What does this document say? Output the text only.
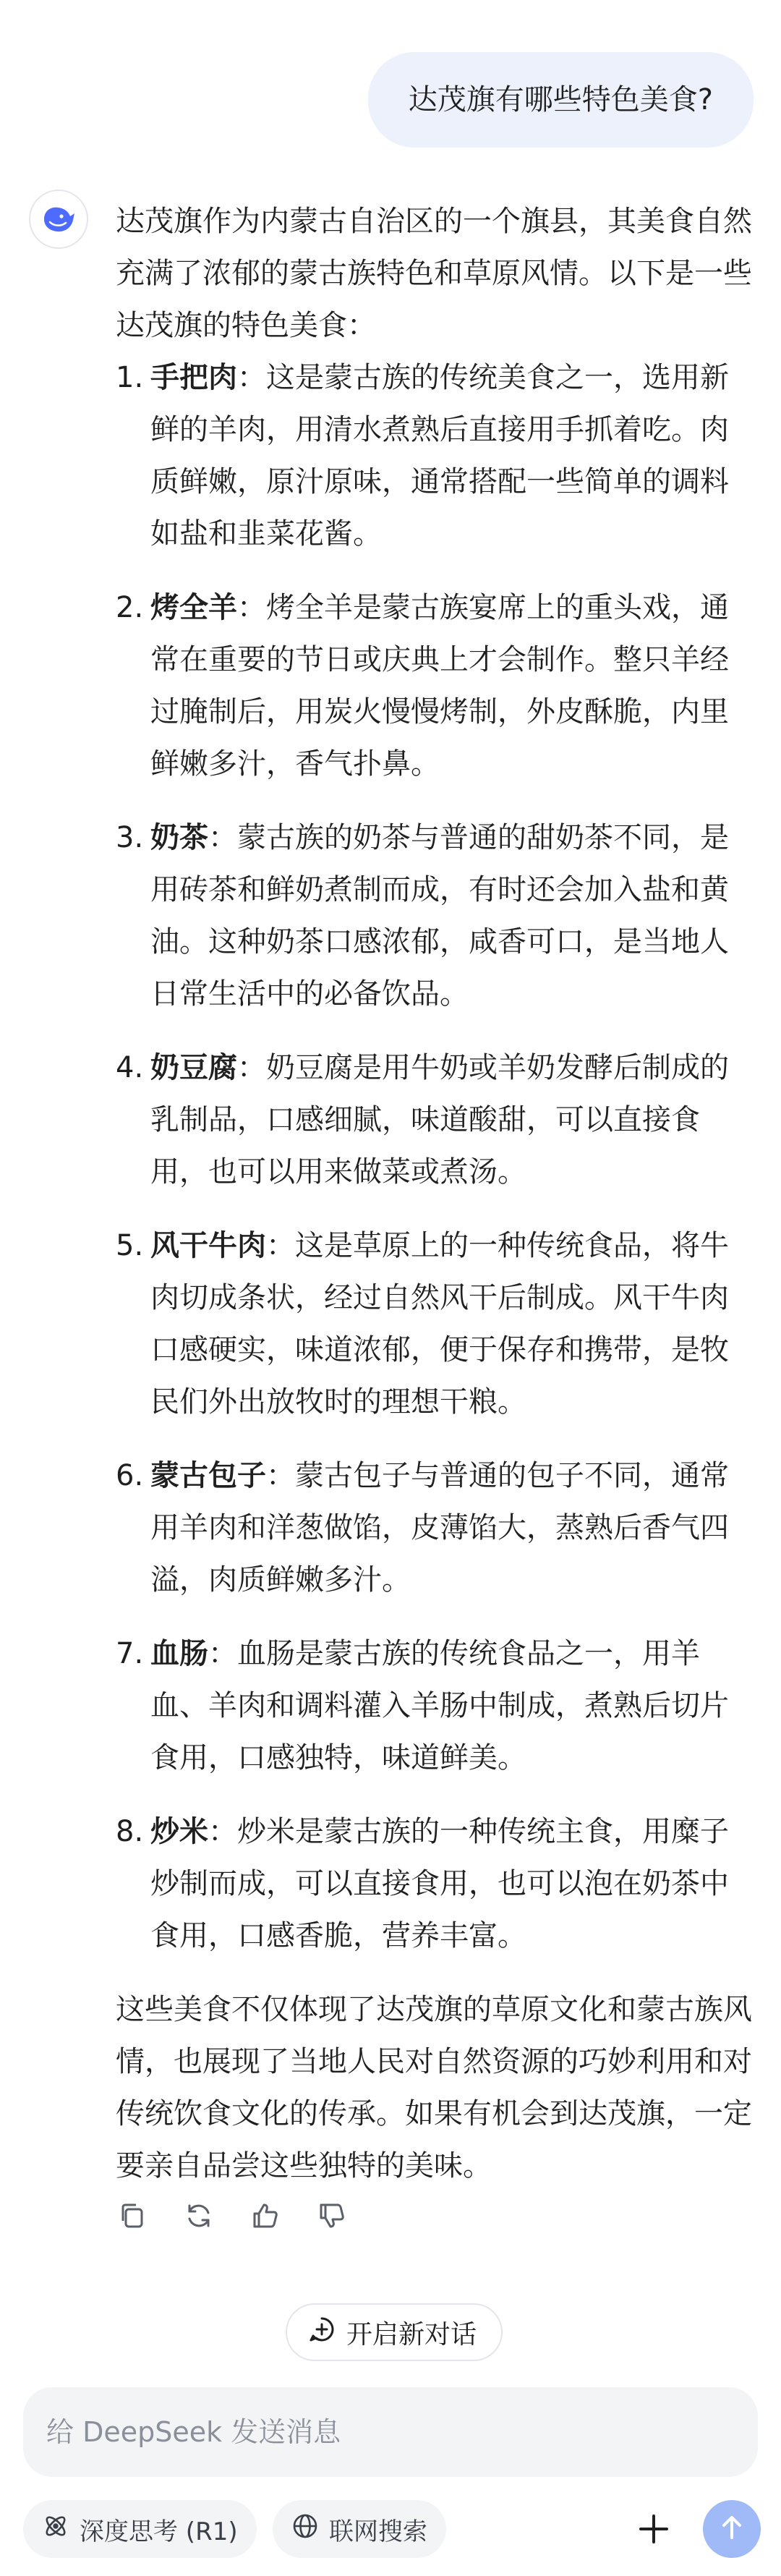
达茂旗有哪些特色美食?

达茂旗作为内蒙古自治区的一个旗县，其美食自然充满了浓郁的蒙古族特色和草原风情。以下是一些达茂旗的特色美食：

1. 手把肉：这是蒙古族的传统美食之一，选用新鲜的羊肉，用清水煮熟后直接用手抓着吃。肉质鲜嫩，原汁原味，通常搭配一些简单的调料如盐和韭菜花酱。
2. 烤全羊：烤全羊是蒙古族宴席上的重头戏，通常在重要的节日或庆典上才会制作。整只羊经过腌制后，用炭火慢慢烤制，外皮酥脆，内里鲜嫩多汁，香气扑鼻。
3. 奶茶：蒙古族的奶茶与普通的甜奶茶不同，是用砖茶和鲜奶煮制而成，有时还会加入盐和黄油。这种奶茶口感浓郁，咸香可口，是当地人日常生活中的必备饮品。
4. 奶豆腐：奶豆腐是用牛奶或羊奶发酵后制成的乳制品，口感细腻，味道酸甜，可以直接食用，也可以用来做菜或煮汤。
5. 风干牛肉：这是草原上的一种传统食品，将牛肉切成条状，经过自然风干后制成。风干牛肉口感硬实，味道浓郁，便于保存和携带，是牧民们外出放牧时的理想干粮。
6. 蒙古包子：蒙古包子与普通的包子不同，通常用羊肉和洋葱做馅，皮薄馅大，蒸熟后香气四溢，肉质鲜嫩多汁。
7. 血肠：血肠是蒙古族的传统食品之一，用羊血、羊肉和调料灌入羊肠中制成，煮熟后切片食用，口感独特，味道鲜美。
8. 炒米：炒米是蒙古族的一种传统主食，用糜子炒制而成，可以直接食用，也可以泡在奶茶中食用，口感香脆，营养丰富。

这些美食不仅体现了达茂旗的草原文化和蒙古族风情，也展现了当地人民对自然资源的巧妙利用和对传统饮食文化的传承。如果有机会到达茂旗，一定要亲自品尝这些独特的美味。

开启新对话
给 DeepSeek 发送消息
深度思考 (R1)	联网搜索
